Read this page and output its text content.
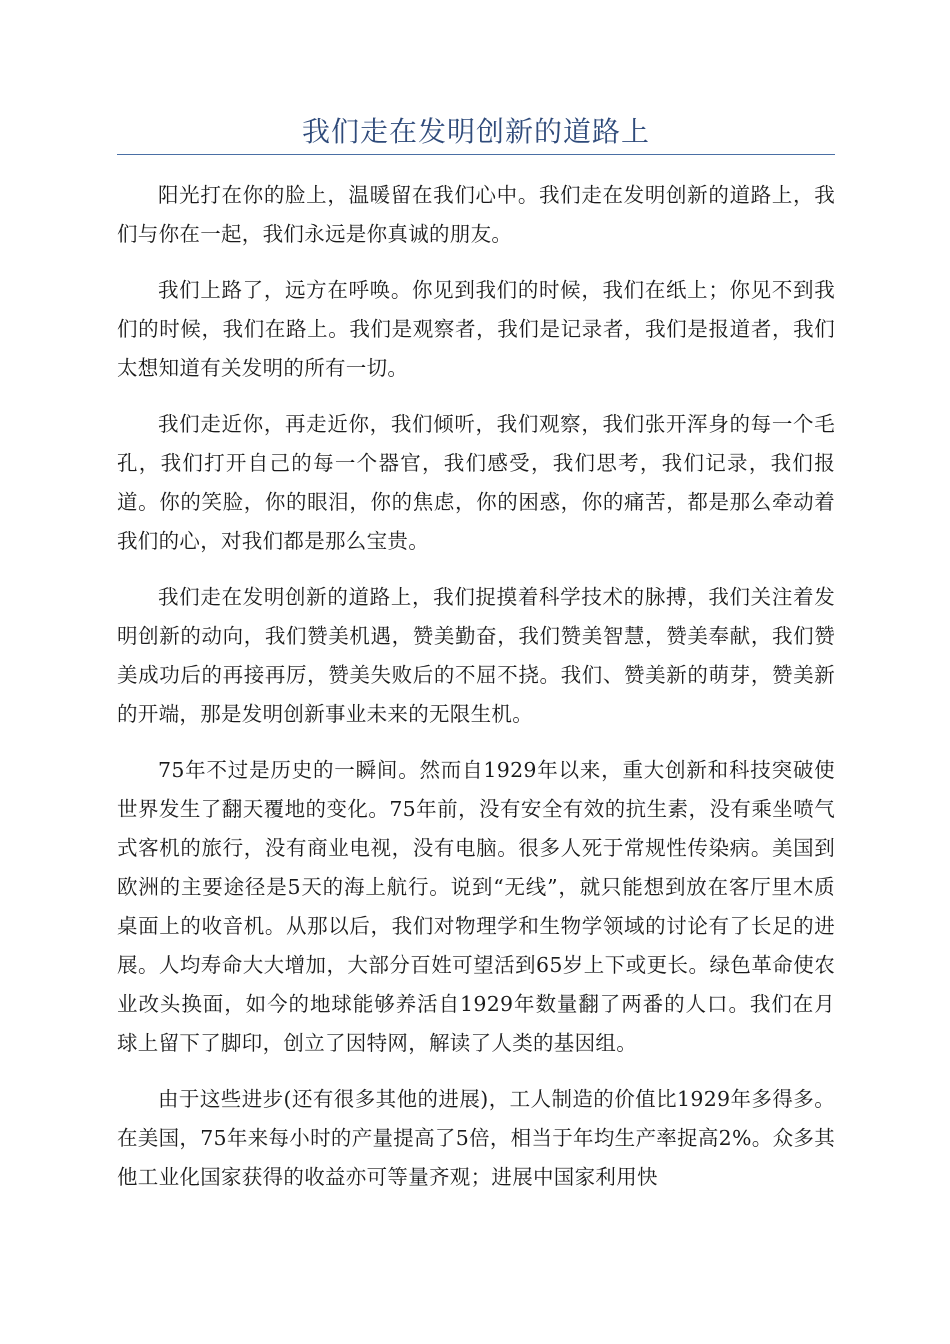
我们走在发明创新的道路上

阳光打在你的脸上，温暖留在我们心中。我们走在发明创新的道路上，我们与你在一起，我们永远是你真诚的朋友。

我们上路了，远方在呼唤。你见到我们的时候，我们在纸上；你见不到我们的时候，我们在路上。我们是观察者，我们是记录者，我们是报道者，我们太想知道有关发明的所有一切。

我们走近你，再走近你，我们倾听，我们观察，我们张开浑身的每一个毛孔，我们打开自己的每一个器官，我们感受，我们思考，我们记录，我们报道。你的笑脸，你的眼泪，你的焦虑，你的困惑，你的痛苦，都是那么牵动着我们的心，对我们都是那么宝贵。

我们走在发明创新的道路上，我们捉摸着科学技术的脉搏，我们关注着发明创新的动向，我们赞美机遇，赞美勤奋，我们赞美智慧，赞美奉献，我们赞美成功后的再接再厉，赞美失败后的不屈不挠。我们、赞美新的萌芽，赞美新的开端，那是发明创新事业未来的无限生机。

75年不过是历史的一瞬间。然而自1929年以来，重大创新和科技突破使世界发生了翻天覆地的变化。75年前，没有安全有效的抗生素，没有乘坐喷气式客机的旅行，没有商业电视，没有电脑。很多人死于常规性传染病。美国到欧洲的主要途径是5天的海上航行。说到“无线”，就只能想到放在客厅里木质桌面上的收音机。从那以后，我们对物理学和生物学领域的讨论有了长足的进展。人均寿命大大增加，大部分百姓可望活到65岁上下或更长。绿色革命使农业改头换面，如今的地球能够养活自1929年数量翻了两番的人口。我们在月球上留下了脚印，创立了因特网，解读了人类的基因组。

由于这些进步(还有很多其他的进展)，工人制造的价值比1929年多得多。在美国，75年来每小时的产量提高了5倍，相当于年均生产率捉高2%。众多其他工业化国家获得的收益亦可等量齐观；进展中国家利用快
